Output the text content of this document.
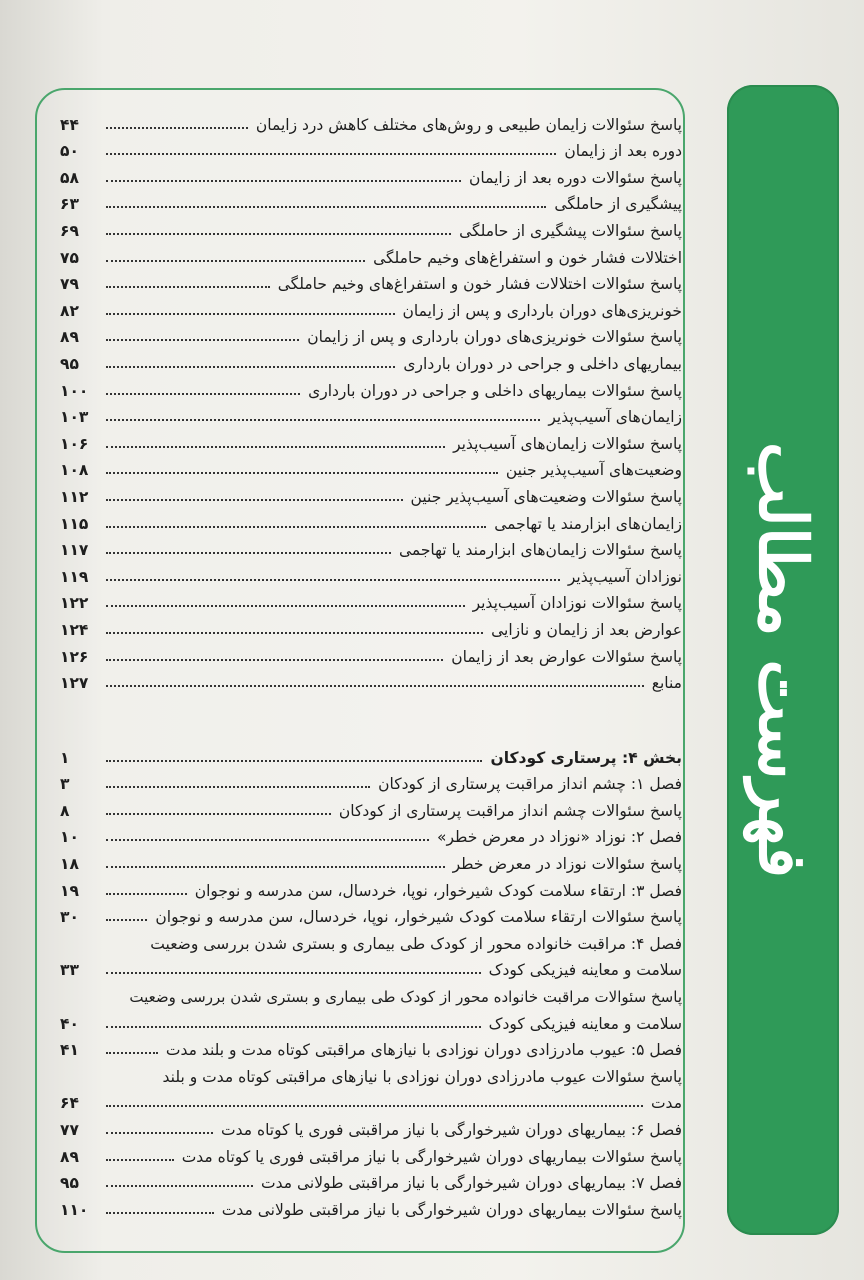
فهرست مطالب
پاسخ سئوالات زایمان طبیعی و روش‌های مختلف کاهش درد زایمان
۴۴
دوره بعد از زایمان
۵۰
پاسخ سئوالات دوره بعد از زایمان
۵۸
پیشگیری از حاملگی
۶۳
پاسخ سئوالات پیشگیری از حاملگی
۶۹
اختلالات فشار خون و استفراغ‌های وخیم حاملگی
۷۵
پاسخ سئوالات اختلالات فشار خون و استفراغ‌های وخیم حاملگی
۷۹
خونریزی‌های دوران بارداری و پس از زایمان
۸۲
پاسخ سئوالات خونریزی‌های دوران بارداری و پس از زایمان
۸۹
بیماریهای داخلی و جراحی در دوران بارداری
۹۵
پاسخ سئوالات بیماریهای داخلی و جراحی در دوران بارداری
۱۰۰
زایمان‌های آسیب‌پذیر
۱۰۳
پاسخ سئوالات زایمان‌های آسیب‌پذیر
۱۰۶
وضعیت‌های آسیب‌پذیر جنین
۱۰۸
پاسخ سئوالات وضعیت‌های آسیب‌پذیر جنین
۱۱۲
زایمان‌های ابزارمند یا تهاجمی
۱۱۵
پاسخ سئوالات زایمان‌های ابزارمند یا تهاجمی
۱۱۷
نوزادان آسیب‌پذیر
۱۱۹
پاسخ سئوالات نوزادان آسیب‌پذیر
۱۲۲
عوارض بعد از زایمان و نازایی
۱۲۴
پاسخ سئوالات عوارض بعد از زایمان
۱۲۶
منابع
۱۲۷
بخش ۴: پرستاری کودکان
۱
فصل ۱: چشم انداز مراقبت پرستاری از کودکان
۳
پاسخ سئوالات چشم انداز مراقبت پرستاری از کودکان
۸
فصل ۲: نوزاد «نوزاد در معرض خطر»
۱۰
پاسخ سئوالات نوزاد در معرض خطر
۱۸
فصل ۳: ارتقاء سلامت کودک شیرخوار، نوپا، خردسال، سن مدرسه و نوجوان
۱۹
پاسخ سئوالات ارتقاء سلامت کودک شیرخوار، نوپا، خردسال، سن مدرسه و نوجوان
۳۰
فصل ۴: مراقبت خانواده محور از کودک طی بیماری و بستری شدن بررسی وضعیت
سلامت و معاینه فیزیکی کودک
۳۳
پاسخ سئوالات مراقبت خانواده محور از کودک طی بیماری و بستری شدن بررسی وضعیت
سلامت و معاینه فیزیکی کودک
۴۰
فصل ۵: عیوب مادرزادی دوران نوزادی با نیازهای مراقبتی کوتاه مدت و بلند مدت
۴۱
پاسخ سئوالات عیوب مادرزادی دوران نوزادی با نیازهای مراقبتی کوتاه مدت و بلند
مدت
۶۴
فصل ۶: بیماریهای دوران شیرخوارگی با نیاز مراقبتی فوری یا کوتاه مدت
۷۷
پاسخ سئوالات بیماریهای دوران شیرخوارگی با نیاز مراقبتی فوری یا کوتاه مدت
۸۹
فصل ۷: بیماریهای دوران شیرخوارگی با نیاز مراقبتی طولانی مدت
۹۵
پاسخ سئوالات بیماریهای دوران شیرخوارگی با نیاز مراقبتی طولانی مدت
۱۱۰
